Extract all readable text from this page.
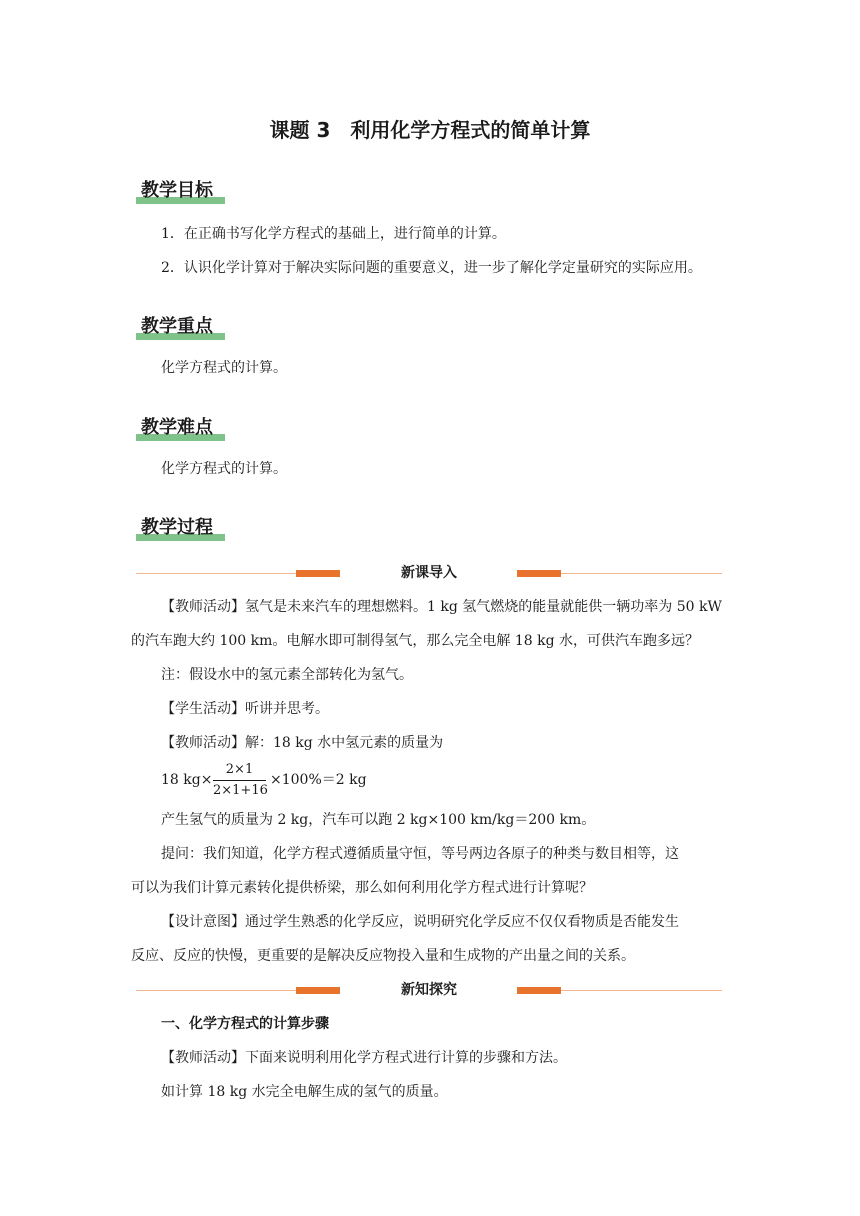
课题 3　利用化学方程式的简单计算
教学目标
1．在正确书写化学方程式的基础上，进行简单的计算。
2．认识化学计算对于解决实际问题的重要意义，进一步了解化学定量研究的实际应用。
教学重点
化学方程式的计算。
教学难点
化学方程式的计算。
教学过程
新课导入
【教师活动】氢气是未来汽车的理想燃料。1 kg 氢气燃烧的能量就能供一辆功率为 50 kW
的汽车跑大约 100 km。电解水即可制得氢气，那么完全电解 18 kg 水，可供汽车跑多远？
注：假设水中的氢元素全部转化为氢气。
【学生活动】听讲并思考。
【教师活动】解：18 kg 水中氢元素的质量为
18 kg×
2×1
2×1+16
×100%＝2 kg
产生氢气的质量为 2 kg，汽车可以跑 2 kg×100 km/kg＝200 km。
提问：我们知道，化学方程式遵循质量守恒，等号两边各原子的种类与数目相等，这
可以为我们计算元素转化提供桥梁，那么如何利用化学方程式进行计算呢？
【设计意图】通过学生熟悉的化学反应，说明研究化学反应不仅仅看物质是否能发生
反应、反应的快慢，更重要的是解决反应物投入量和生成物的产出量之间的关系。
新知探究
一、化学方程式的计算步骤
【教师活动】下面来说明利用化学方程式进行计算的步骤和方法。
如计算 18 kg 水完全电解生成的氢气的质量。
